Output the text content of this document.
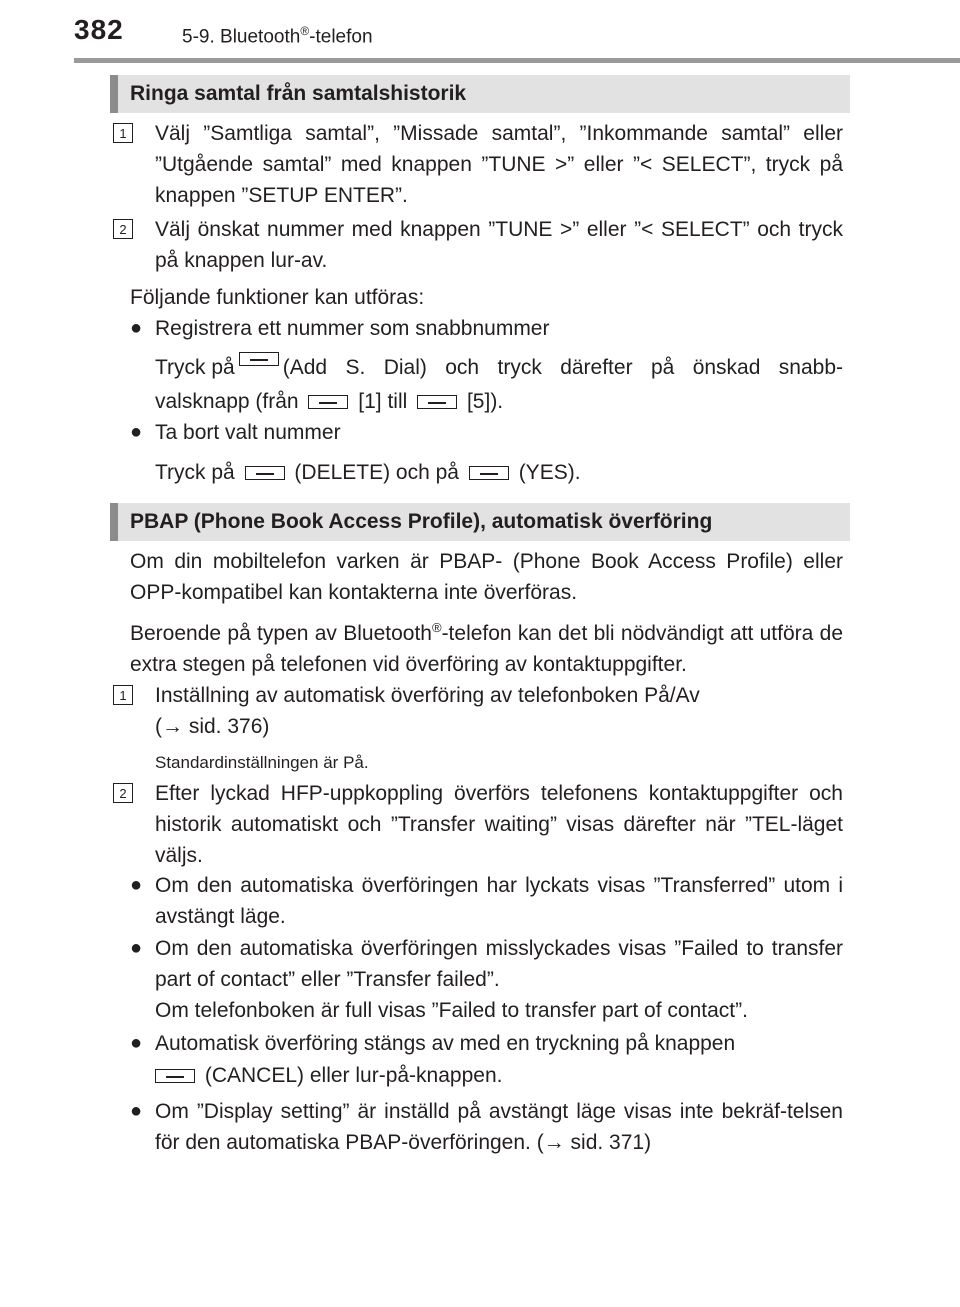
382	5-9. Bluetooth®-telefon
Ringa samtal från samtalshistorik
1	Välj ”Samtliga samtal”, ”Missade samtal”, ”Inkommande samtal” eller ”Utgående samtal” med knappen ”TUNE >” eller ”< SELECT”, tryck på knappen ”SETUP ENTER”.
2	Välj önskat nummer med knappen ”TUNE >” eller ”< SELECT” och tryck på knappen lur-av.
Följande funktioner kan utföras:
● Registrera ett nummer som snabbnummer
Tryck på (Add S. Dial) och tryck därefter på önskad snabb-
valsknapp (från	[1] till	[5]).
● Ta bort valt nummer
Tryck på	(DELETE) och på	(YES).
PBAP (Phone Book Access Profile), automatisk överföring
Om din mobiltelefon varken är PBAP- (Phone Book Access Profile) eller OPP-kompatibel kan kontakterna inte överföras.
Beroende på typen av Bluetooth®-telefon kan det bli nödvändigt att utföra de extra stegen på telefonen vid överföring av kontaktuppgifter.
1	Inställning av automatisk överföring av telefonboken På/Av
(→ sid. 376)
Standardinställningen är På.
2	Efter lyckad HFP-uppkoppling överförs telefonens kontaktuppgifter och historik automatiskt och ”Transfer waiting” visas därefter när ”TEL-läget väljs.
● Om den automatiska överföringen har lyckats visas ”Transferred” utom i avstängt läge.
● Om den automatiska överföringen misslyckades visas ”Failed to transfer part of contact” eller ”Transfer failed”.
Om telefonboken är full visas ”Failed to transfer part of contact”.
● Automatisk överföring stängs av med en tryckning på knappen
(CANCEL) eller lur-på-knappen.
● Om ”Display setting” är inställd på avstängt läge visas inte bekräf-telsen för den automatiska PBAP-överföringen. (→ sid. 371)
